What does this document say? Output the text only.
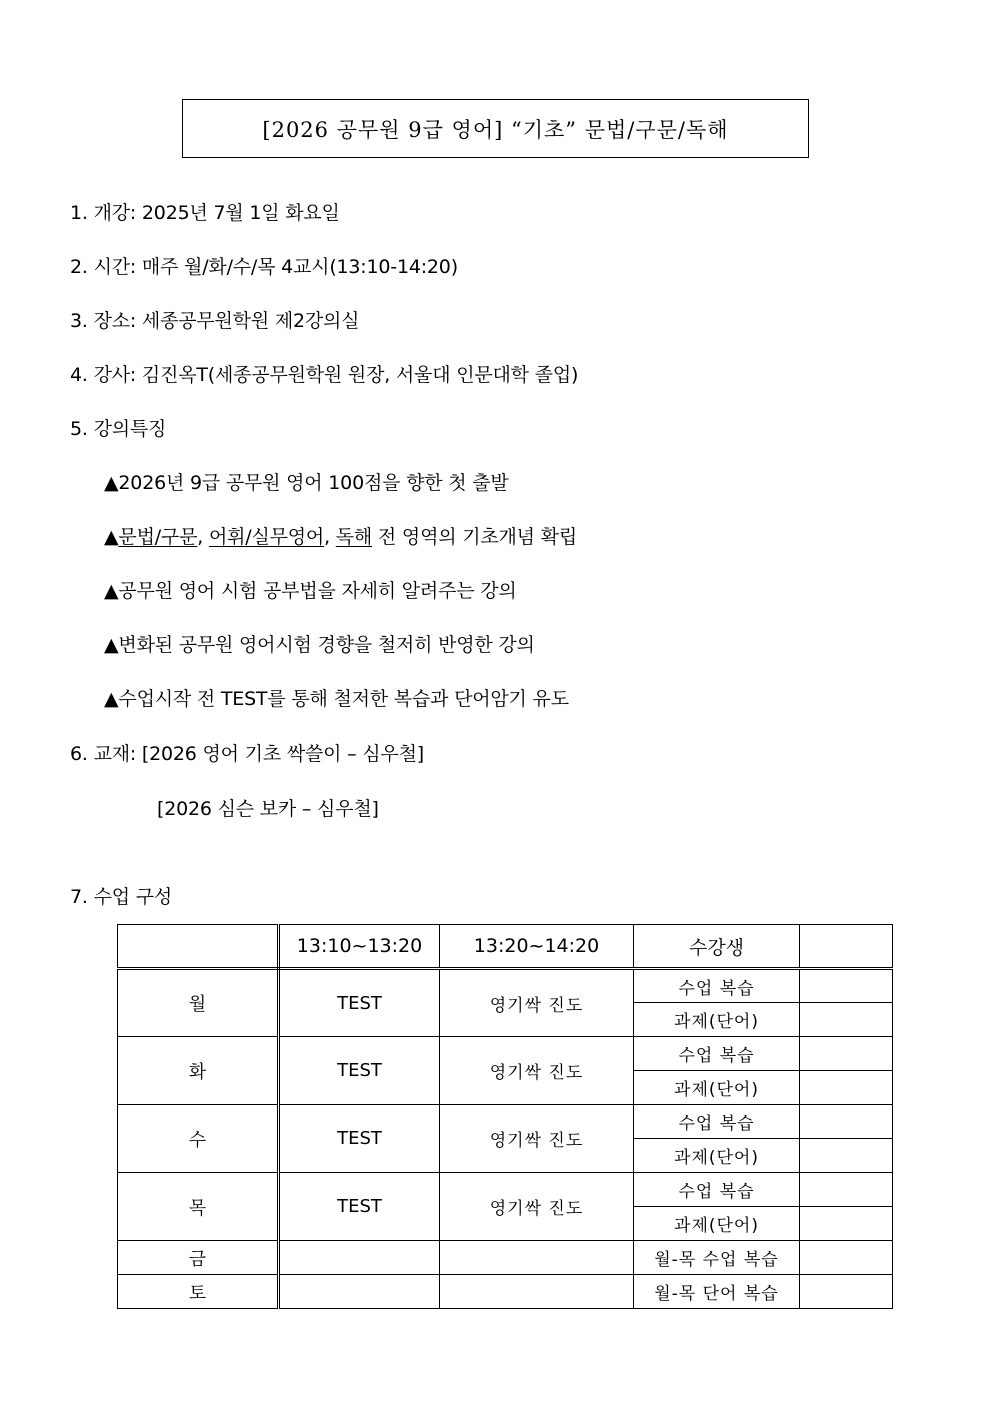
[2026 공무원 9급 영어] “기초” 문법/구문/독해
1. 개강: 2025년 7월 1일 화요일
2. 시간: 매주 월/화/수/목 4교시(13:10-14:20)
3. 장소: 세종공무원학원 제2강의실
4. 강사: 김진옥T(세종공무원학원 원장, 서울대 인문대학 졸업)
5. 강의특징
▲2026년 9급 공무원 영어 100점을 향한 첫 출발
▲문법/구문, 어휘/실무영어, 독해 전 영역의 기초개념 확립
▲공무원 영어 시험 공부법을 자세히 알려주는 강의
▲변화된 공무원 영어시험 경향을 철저히 반영한 강의
▲수업시작 전 TEST를 통해 철저한 복습과 단어암기 유도
6. 교재: [2026 영어 기초 싹쓸이 – 심우철]
[2026 심슨 보카 – 심우철]
7. 수업 구성
	13:10~13:20	13:20~14:20	수강생	
월	TEST	영기싹 진도	수업 복습	
			과제(단어)	
화	TEST	영기싹 진도	수업 복습	
			과제(단어)	
수	TEST	영기싹 진도	수업 복습	
			과제(단어)	
목	TEST	영기싹 진도	수업 복습	
			과제(단어)	
금			월-목 수업 복습	
토			월-목 단어 복습	
